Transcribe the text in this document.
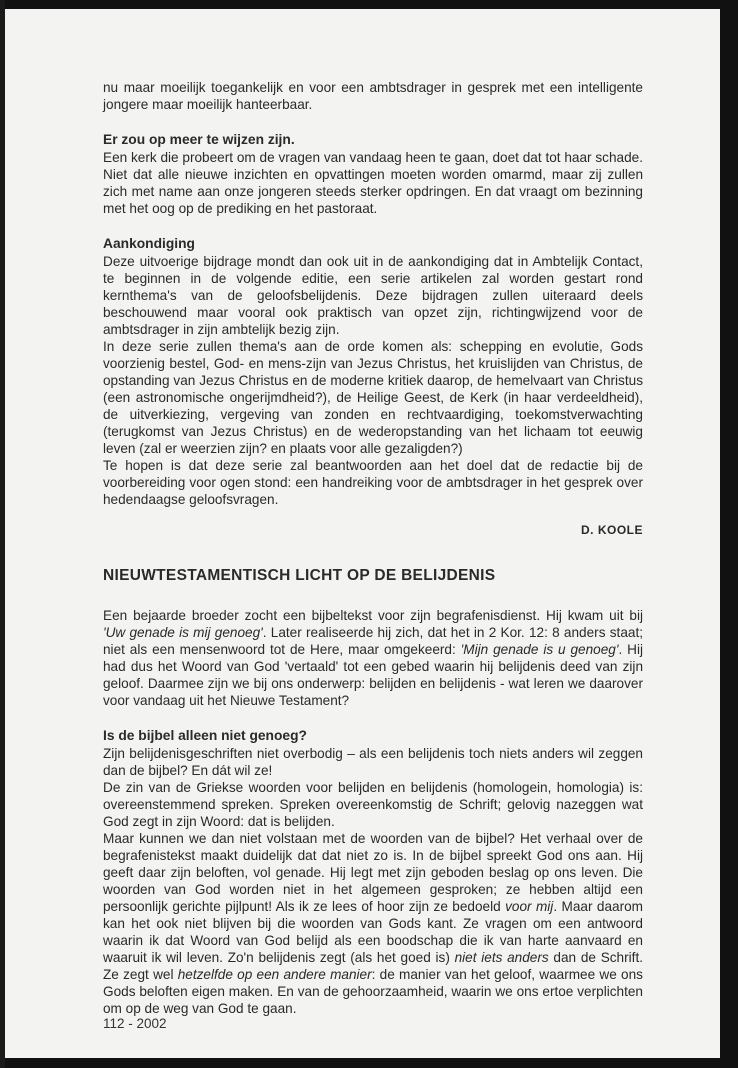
nu maar moeilijk toegankelijk en voor een ambtsdrager in gesprek met een intelligente jongere maar moeilijk hanteerbaar.

Er zou op meer te wijzen zijn.

Een kerk die probeert om de vragen van vandaag heen te gaan, doet dat tot haar schade. Niet dat alle nieuwe inzichten en opvattingen moeten worden omarmd, maar zij zullen zich met name aan onze jongeren steeds sterker opdringen. En dat vraagt om bezinning met het oog op de prediking en het pastoraat.

Aankondiging

Deze uitvoerige bijdrage mondt dan ook uit in de aankondiging dat in Ambtelijk Contact, te beginnen in de volgende editie, een serie artikelen zal worden gestart rond kernthema's van de geloofsbelijdenis. Deze bijdragen zullen uiteraard deels beschouwend maar vooral ook praktisch van opzet zijn, richtingwijzend voor de ambtsdrager in zijn ambtelijk bezig zijn.

In deze serie zullen thema's aan de orde komen als: schepping en evolutie, Gods voorzienig bestel, God- en mens-zijn van Jezus Christus, het kruislijden van Christus, de opstanding van Jezus Christus en de moderne kritiek daarop, de hemelvaart van Christus (een astronomische ongerijmdheid?), de Heilige Geest, de Kerk (in haar verdeeldheid), de uitverkiezing, vergeving van zonden en rechtvaardiging, toekomstverwachting (terugkomst van Jezus Christus) en de wederopstanding van het lichaam tot eeuwig leven (zal er weerzien zijn? en plaats voor alle gezaligden?)

Te hopen is dat deze serie zal beantwoorden aan het doel dat de redactie bij de voorbereiding voor ogen stond: een handreiking voor de ambtsdrager in het gesprek over hedendaagse geloofsvragen.

D. KOOLE
NIEUWTESTAMENTISCH LICHT OP DE BELIJDENIS

Een bejaarde broeder zocht een bijbeltekst voor zijn begrafenisdienst. Hij kwam uit bij 'Uw genade is mij genoeg'. Later realiseerde hij zich, dat het in 2 Kor. 12: 8 anders staat; niet als een mensenwoord tot de Here, maar omgekeerd: 'Mijn genade is u genoeg'. Hij had dus het Woord van God 'vertaald' tot een gebed waarin hij belijdenis deed van zijn geloof. Daarmee zijn we bij ons onderwerp: belijden en belijdenis - wat leren we daarover voor vandaag uit het Nieuwe Testament?

Is de bijbel alleen niet genoeg?

Zijn belijdenisgeschriften niet overbodig – als een belijdenis toch niets anders wil zeggen dan de bijbel? En dát wil ze!

De zin van de Griekse woorden voor belijden en belijdenis (homologein, homologia) is: overeenstemmend spreken. Spreken overeenkomstig de Schrift; gelovig nazeggen wat God zegt in zijn Woord: dat is belijden.

Maar kunnen we dan niet volstaan met de woorden van de bijbel? Het verhaal over de begrafenistekst maakt duidelijk dat dat niet zo is. In de bijbel spreekt God ons aan. Hij geeft daar zijn beloften, vol genade. Hij legt met zijn geboden beslag op ons leven. Die woorden van God worden niet in het algemeen gesproken; ze hebben altijd een persoonlijk gerichte pijlpunt! Als ik ze lees of hoor zijn ze bedoeld voor mij. Maar daarom kan het ook niet blijven bij die woorden van Gods kant. Ze vragen om een antwoord waarin ik dat Woord van God belijd als een boodschap die ik van harte aanvaard en waaruit ik wil leven. Zo'n belijdenis zegt (als het goed is) niet iets anders dan de Schrift. Ze zegt wel hetzelfde op een andere manier: de manier van het geloof, waarmee we ons Gods beloften eigen maken. En van de gehoorzaamheid, waarin we ons ertoe verplichten om op de weg van God te gaan.

112 - 2002
